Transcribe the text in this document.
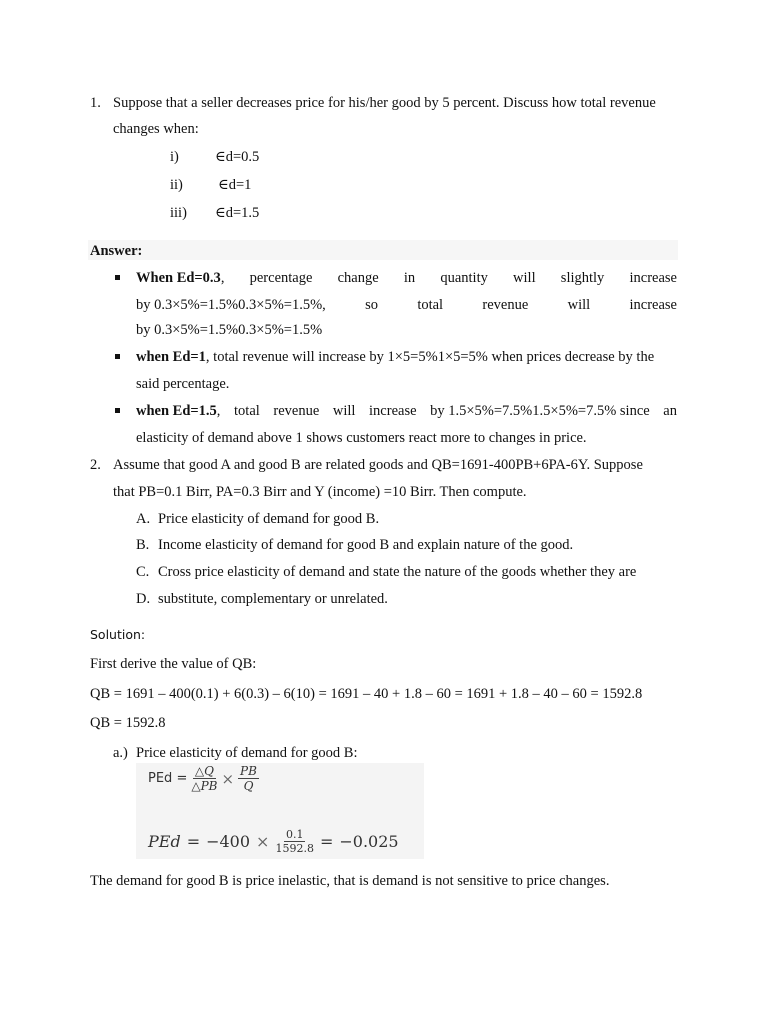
1. Suppose that a seller decreases price for his/her good by 5 percent. Discuss how total revenue
changes when:
i) ∈d=0.5
ii) ∈d=1
iii) ∈d=1.5
Answer:
When Ed=0.3, percentage change in quantity will slightly increase
by 0.3×5%=1.5%0.3×5%=1.5%,	so	total	revenue	will	increase
by 0.3×5%=1.5%0.3×5%=1.5%
when Ed=1, total revenue will increase by 1×5=5%1×5=5% when prices decrease by the
said percentage.
when Ed=1.5, total revenue will increase by 1.5×5%=7.5%1.5×5%=7.5% since an
elasticity of demand above 1 shows customers react more to changes in price.
2. Assume that good A and good B are related goods and QB=1691-400PB+6PA-6Y. Suppose
that PB=0.1 Birr, PA=0.3 Birr and Y (income) =10 Birr. Then compute.
A. Price elasticity of demand for good B.
B. Income elasticity of demand for good B and explain nature of the good.
C. Cross price elasticity of demand and state the nature of the goods whether they are
D. substitute, complementary or unrelated.
Solution:
First derive the value of QB:
QB = 1691 – 400(0.1) + 6(0.3) – 6(10) = 1691 – 40 + 1.8 – 60 = 1691 + 1.8 – 40 – 60 = 1592.8
QB = 1592.8
a.) Price elasticity of demand for good B:
PEd = $\frac{\triangle Q}{\triangle PB} \times \frac{PB}{Q}$
PEd = $-400 \times \frac{0.1}{1592.8} = -0.025$
The demand for good B is price inelastic, that is demand is not sensitive to price changes.
